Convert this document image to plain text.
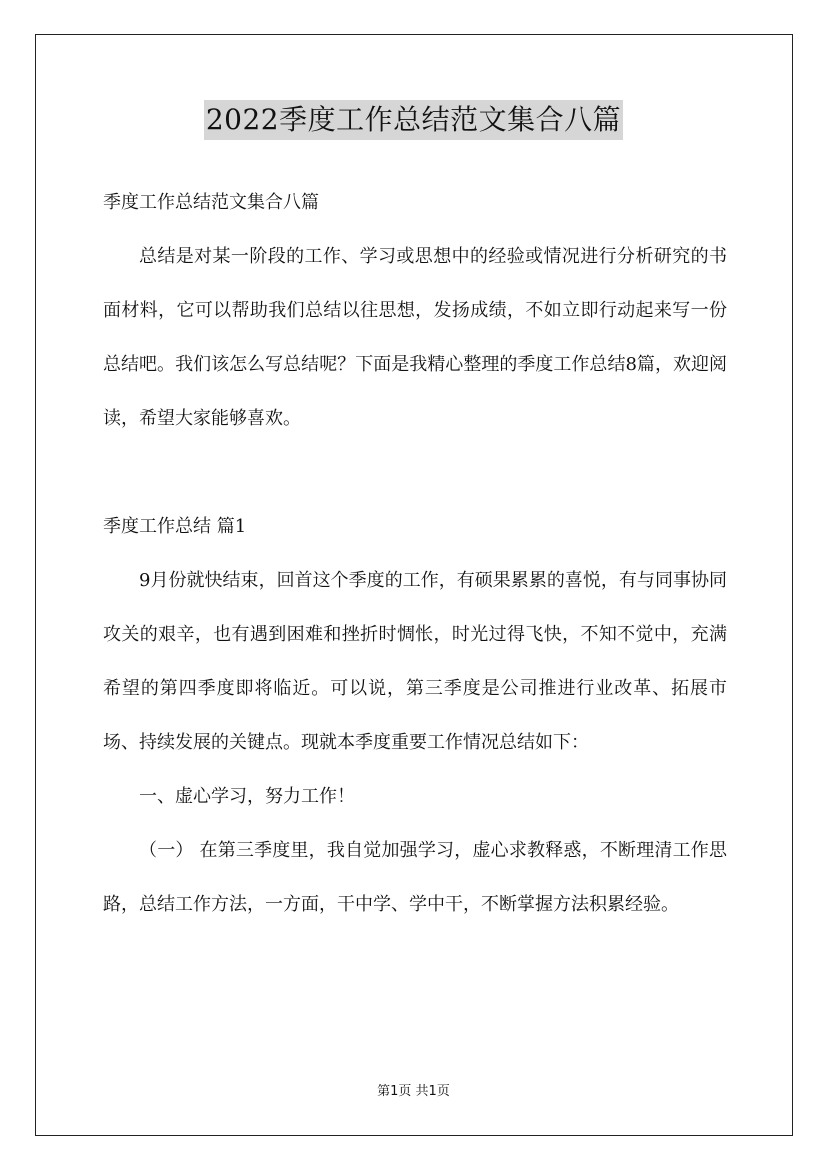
2022季度工作总结范文集合八篇

季度工作总结范文集合八篇

总结是对某一阶段的工作、学习或思想中的经验或情况进行分析研究的书面材料，它可以帮助我们总结以往思想，发扬成绩，不如立即行动起来写一份总结吧。我们该怎么写总结呢？下面是我精心整理的季度工作总结8篇，欢迎阅读，希望大家能够喜欢。

季度工作总结 篇1

9月份就快结束，回首这个季度的工作，有硕果累累的喜悦，有与同事协同攻关的艰辛，也有遇到困难和挫折时惆怅，时光过得飞快，不知不觉中，充满希望的第四季度即将临近。可以说，第三季度是公司推进行业改革、拓展市场、持续发展的关键点。现就本季度重要工作情况总结如下：

一、虚心学习，努力工作！

（一） 在第三季度里，我自觉加强学习，虚心求教释惑，不断理清工作思路，总结工作方法，一方面，干中学、学中干，不断掌握方法积累经验。

第1页 共1页
